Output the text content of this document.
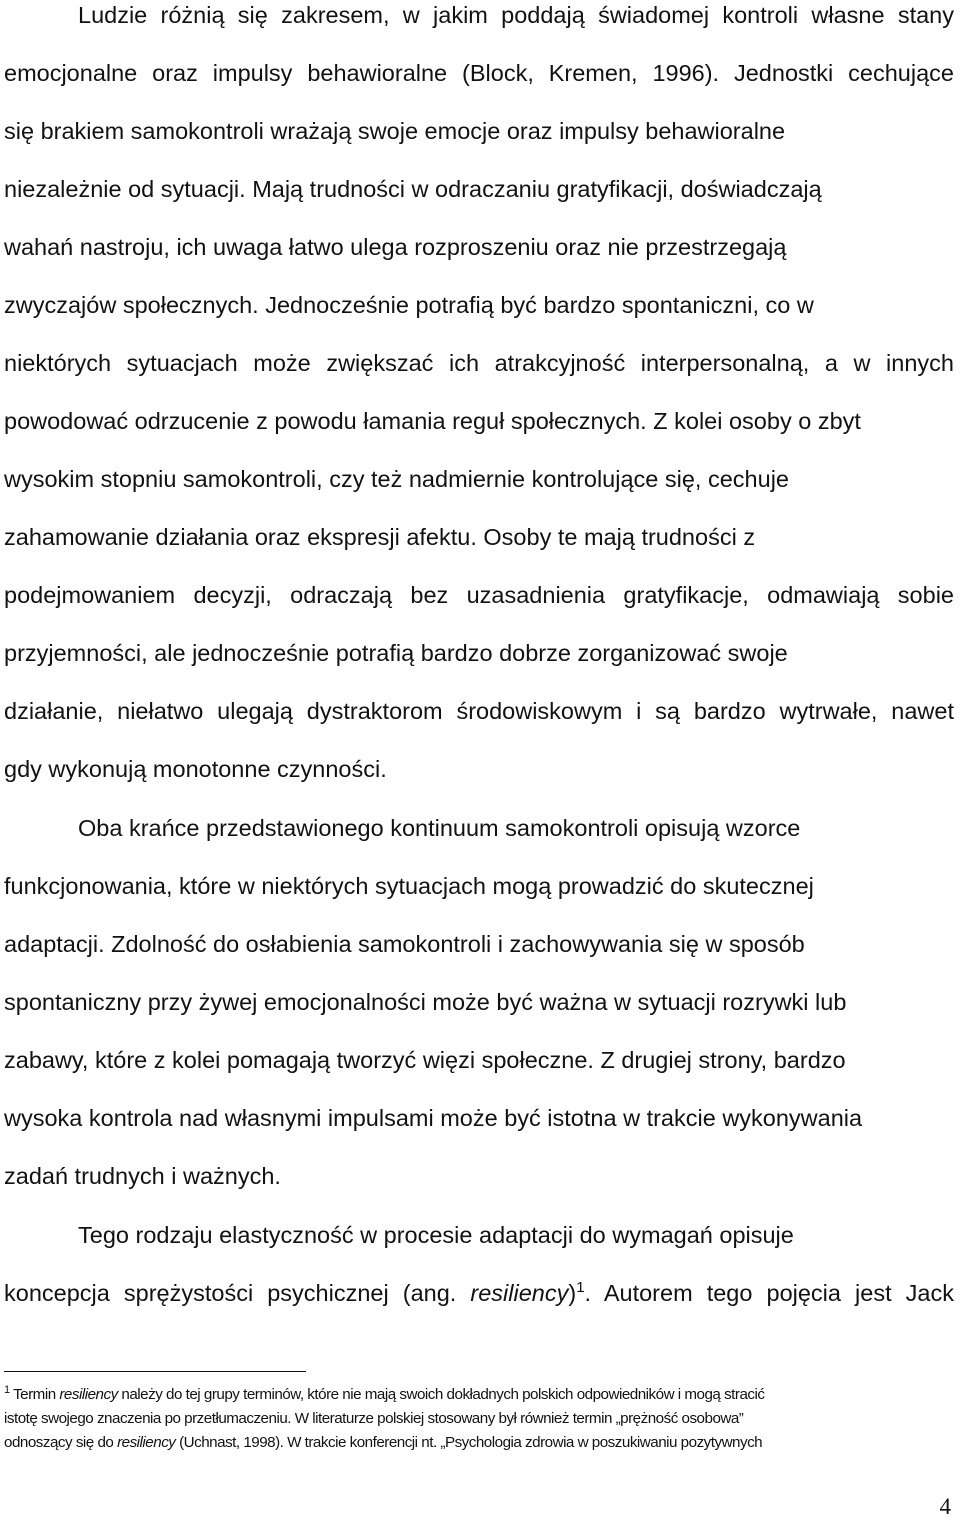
Ludzie różnią się zakresem, w jakim poddają świadomej kontroli własne stany
emocjonalne oraz impulsy behawioralne (Block, Kremen, 1996). Jednostki cechujące
się brakiem samokontroli wrażają swoje emocje oraz impulsy behawioralne
niezależnie od sytuacji. Mają trudności w odraczaniu gratyfikacji, doświadczają
wahań nastroju, ich uwaga łatwo ulega rozproszeniu oraz nie przestrzegają
zwyczajów społecznych. Jednocześnie potrafią być bardzo spontaniczni, co w
niektórych sytuacjach może zwiększać ich atrakcyjność interpersonalną, a w innych
powodować odrzucenie z powodu łamania reguł społecznych. Z kolei osoby o zbyt
wysokim stopniu samokontroli, czy też nadmiernie kontrolujące się, cechuje
zahamowanie działania oraz ekspresji afektu. Osoby te mają trudności z
podejmowaniem decyzji, odraczają bez uzasadnienia gratyfikacje, odmawiają sobie
przyjemności, ale jednocześnie potrafią bardzo dobrze zorganizować swoje
działanie, niełatwo ulegają dystraktorom środowiskowym i są bardzo wytrwałe, nawet
gdy wykonują monotonne czynności.
Oba krańce przedstawionego kontinuum samokontroli opisują wzorce
funkcjonowania, które w niektórych sytuacjach mogą prowadzić do skutecznej
adaptacji. Zdolność do osłabienia samokontroli i zachowywania się w sposób
spontaniczny przy żywej emocjonalności może być ważna w sytuacji rozrywki lub
zabawy, które z kolei pomagają tworzyć więzi społeczne. Z drugiej strony, bardzo
wysoka kontrola nad własnymi impulsami może być istotna w trakcie wykonywania
zadań trudnych i ważnych.
Tego rodzaju elastyczność w procesie adaptacji do wymagań opisuje
koncepcja sprężystości psychicznej (ang. resiliency)$^1$. Autorem tego pojęcia jest Jack
$^1$ Termin resiliency należy do tej grupy terminów, które nie mają swoich dokładnych polskich odpowiedników i mogą stracić
istotę swojego znaczenia po przetłumaczeniu. W literaturze polskiej stosowany był również termin „prężność osobowa”
odnoszący się do resiliency (Uchnast, 1998). W trakcie konferencji nt. „Psychologia zdrowia w poszukiwaniu pozytywnych
4
